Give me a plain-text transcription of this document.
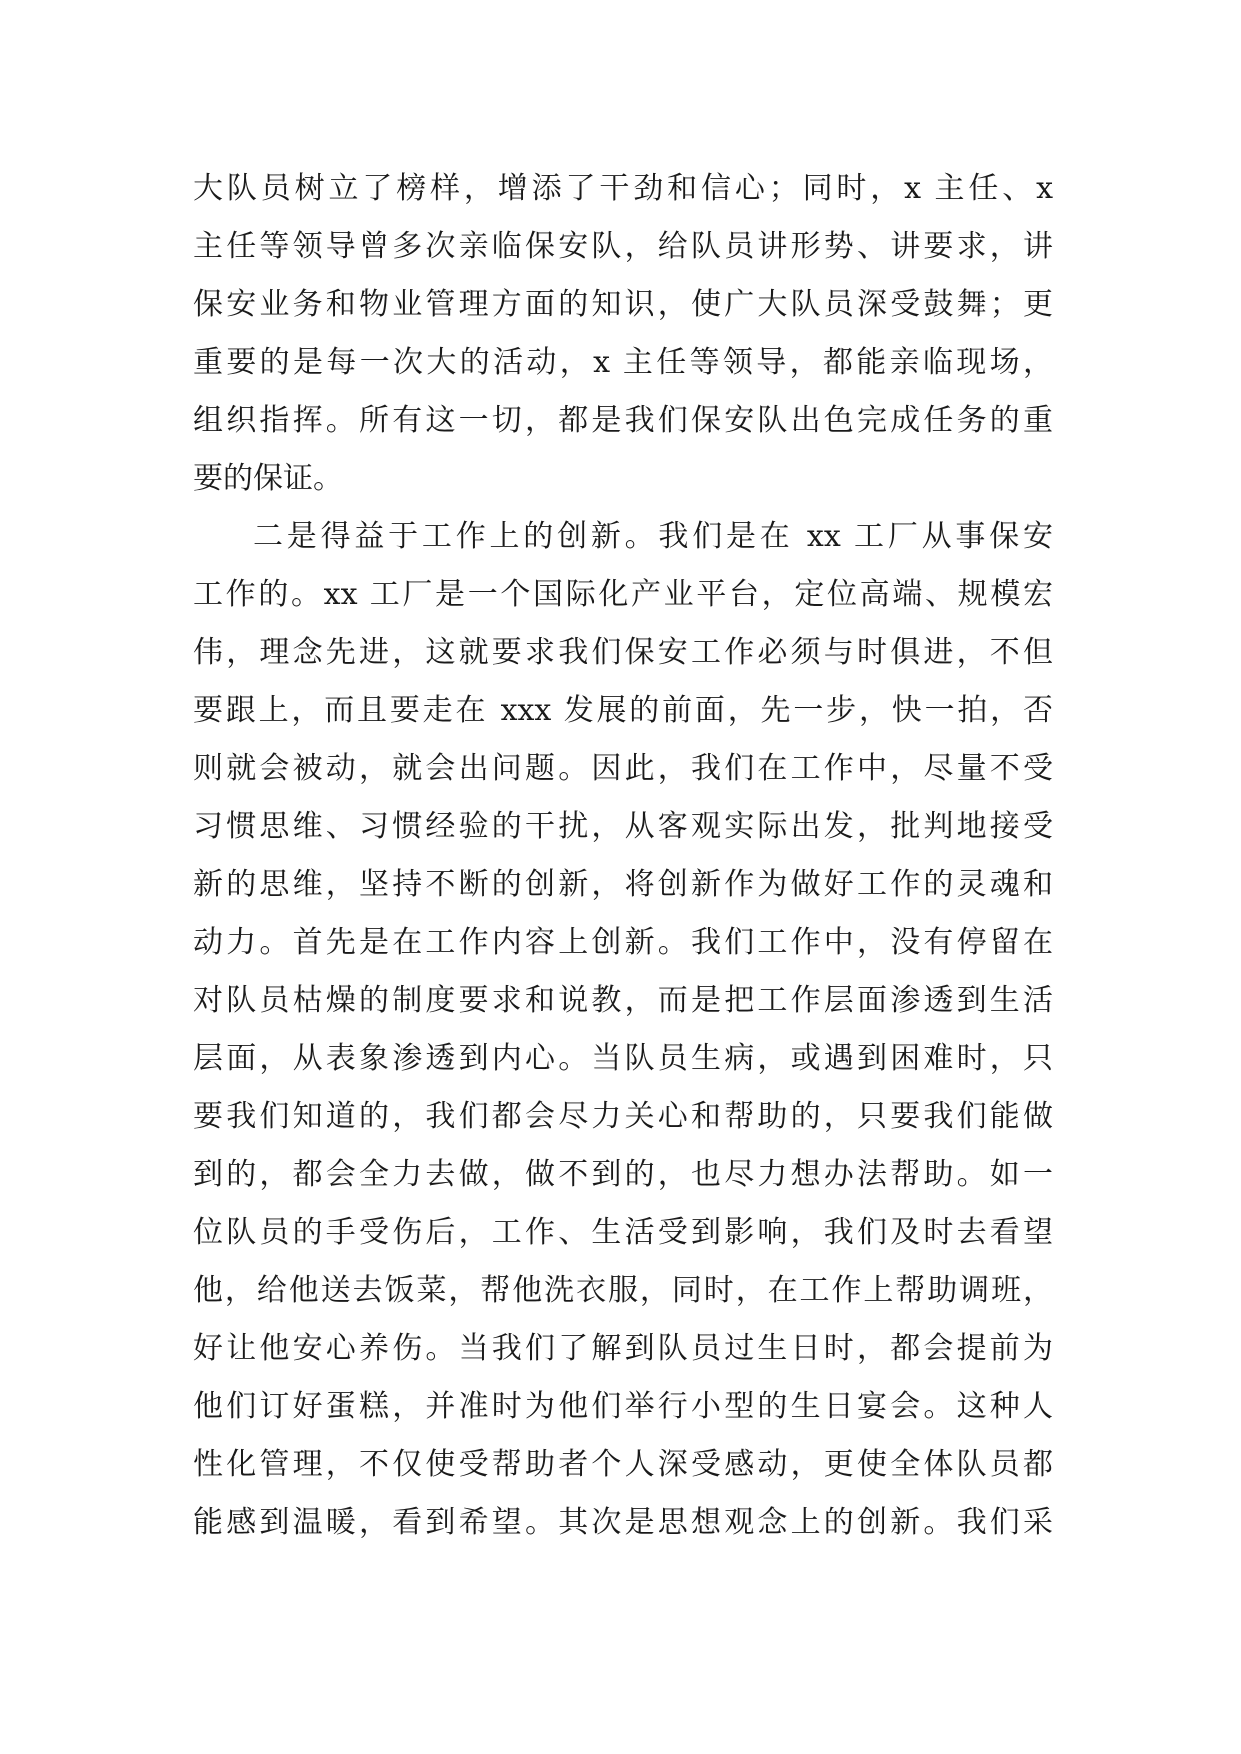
大队员树立了榜样，增添了干劲和信心；同时，x 主任、x
主任等领导曾多次亲临保安队，给队员讲形势、讲要求，讲
保安业务和物业管理方面的知识，使广大队员深受鼓舞；更
重要的是每一次大的活动，x 主任等领导，都能亲临现场，
组织指挥。所有这一切，都是我们保安队出色完成任务的重
要的保证。
二是得益于工作上的创新。我们是在 xx 工厂从事保安
工作的。xx 工厂是一个国际化产业平台，定位高端、规模宏
伟，理念先进，这就要求我们保安工作必须与时俱进，不但
要跟上，而且要走在 xxx 发展的前面，先一步，快一拍，否
则就会被动，就会出问题。因此，我们在工作中，尽量不受
习惯思维、习惯经验的干扰，从客观实际出发，批判地接受
新的思维，坚持不断的创新，将创新作为做好工作的灵魂和
动力。首先是在工作内容上创新。我们工作中，没有停留在
对队员枯燥的制度要求和说教，而是把工作层面渗透到生活
层面，从表象渗透到内心。当队员生病，或遇到困难时，只
要我们知道的，我们都会尽力关心和帮助的，只要我们能做
到的，都会全力去做，做不到的，也尽力想办法帮助。如一
位队员的手受伤后，工作、生活受到影响，我们及时去看望
他，给他送去饭菜，帮他洗衣服，同时，在工作上帮助调班，
好让他安心养伤。当我们了解到队员过生日时，都会提前为
他们订好蛋糕，并准时为他们举行小型的生日宴会。这种人
性化管理，不仅使受帮助者个人深受感动，更使全体队员都
能感到温暖，看到希望。其次是思想观念上的创新。我们采
